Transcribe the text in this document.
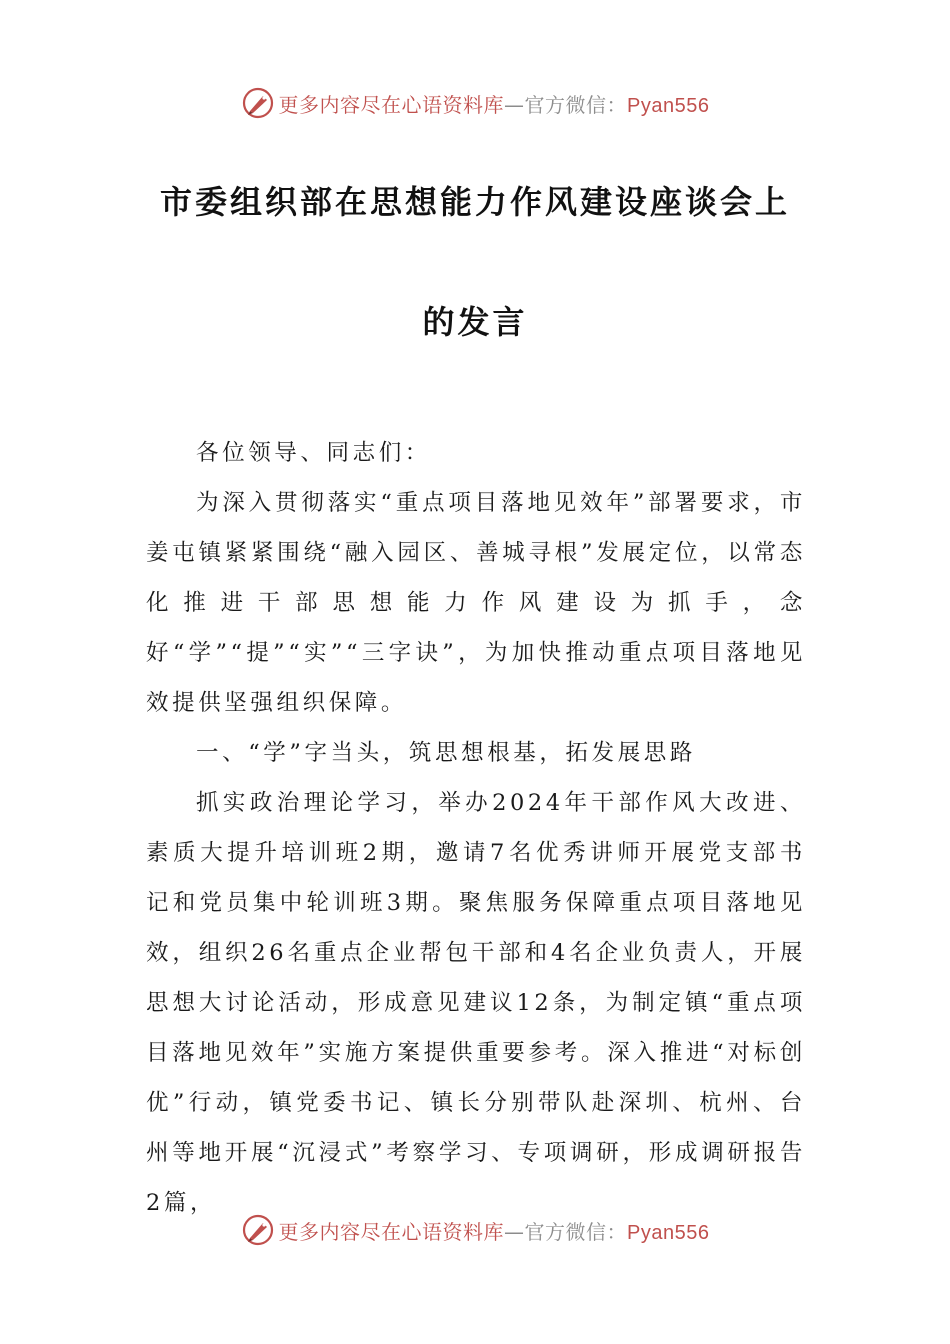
更多内容尽在心语资料库—官方微信：Pyan556
市委组织部在思想能力作风建设座谈会上
的发言

各位领导、同志们：

为深入贯彻落实“重点项目落地见效年”部署要求，市姜屯镇紧紧围绕“融入园区、善城寻根”发展定位，以常态化推进干部思想能力作风建设为抓手，念好“学”“提”“实”“三字诀”，为加快推动重点项目落地见效提供坚强组织保障。

一、“学”字当头，筑思想根基，拓发展思路

抓实政治理论学习，举办2024年干部作风大改进、素质大提升培训班2期，邀请7名优秀讲师开展党支部书记和党员集中轮训班3期。聚焦服务保障重点项目落地见效，组织26名重点企业帮包干部和4名企业负责人，开展思想大讨论活动，形成意见建议12条，为制定镇“重点项目落地见效年”实施方案提供重要参考。深入推进“对标创优”行动，镇党委书记、镇长分别带队赴深圳、杭州、台州等地开展“沉浸式”考察学习、专项调研，形成调研报告2篇，

更多内容尽在心语资料库—官方微信：Pyan556
